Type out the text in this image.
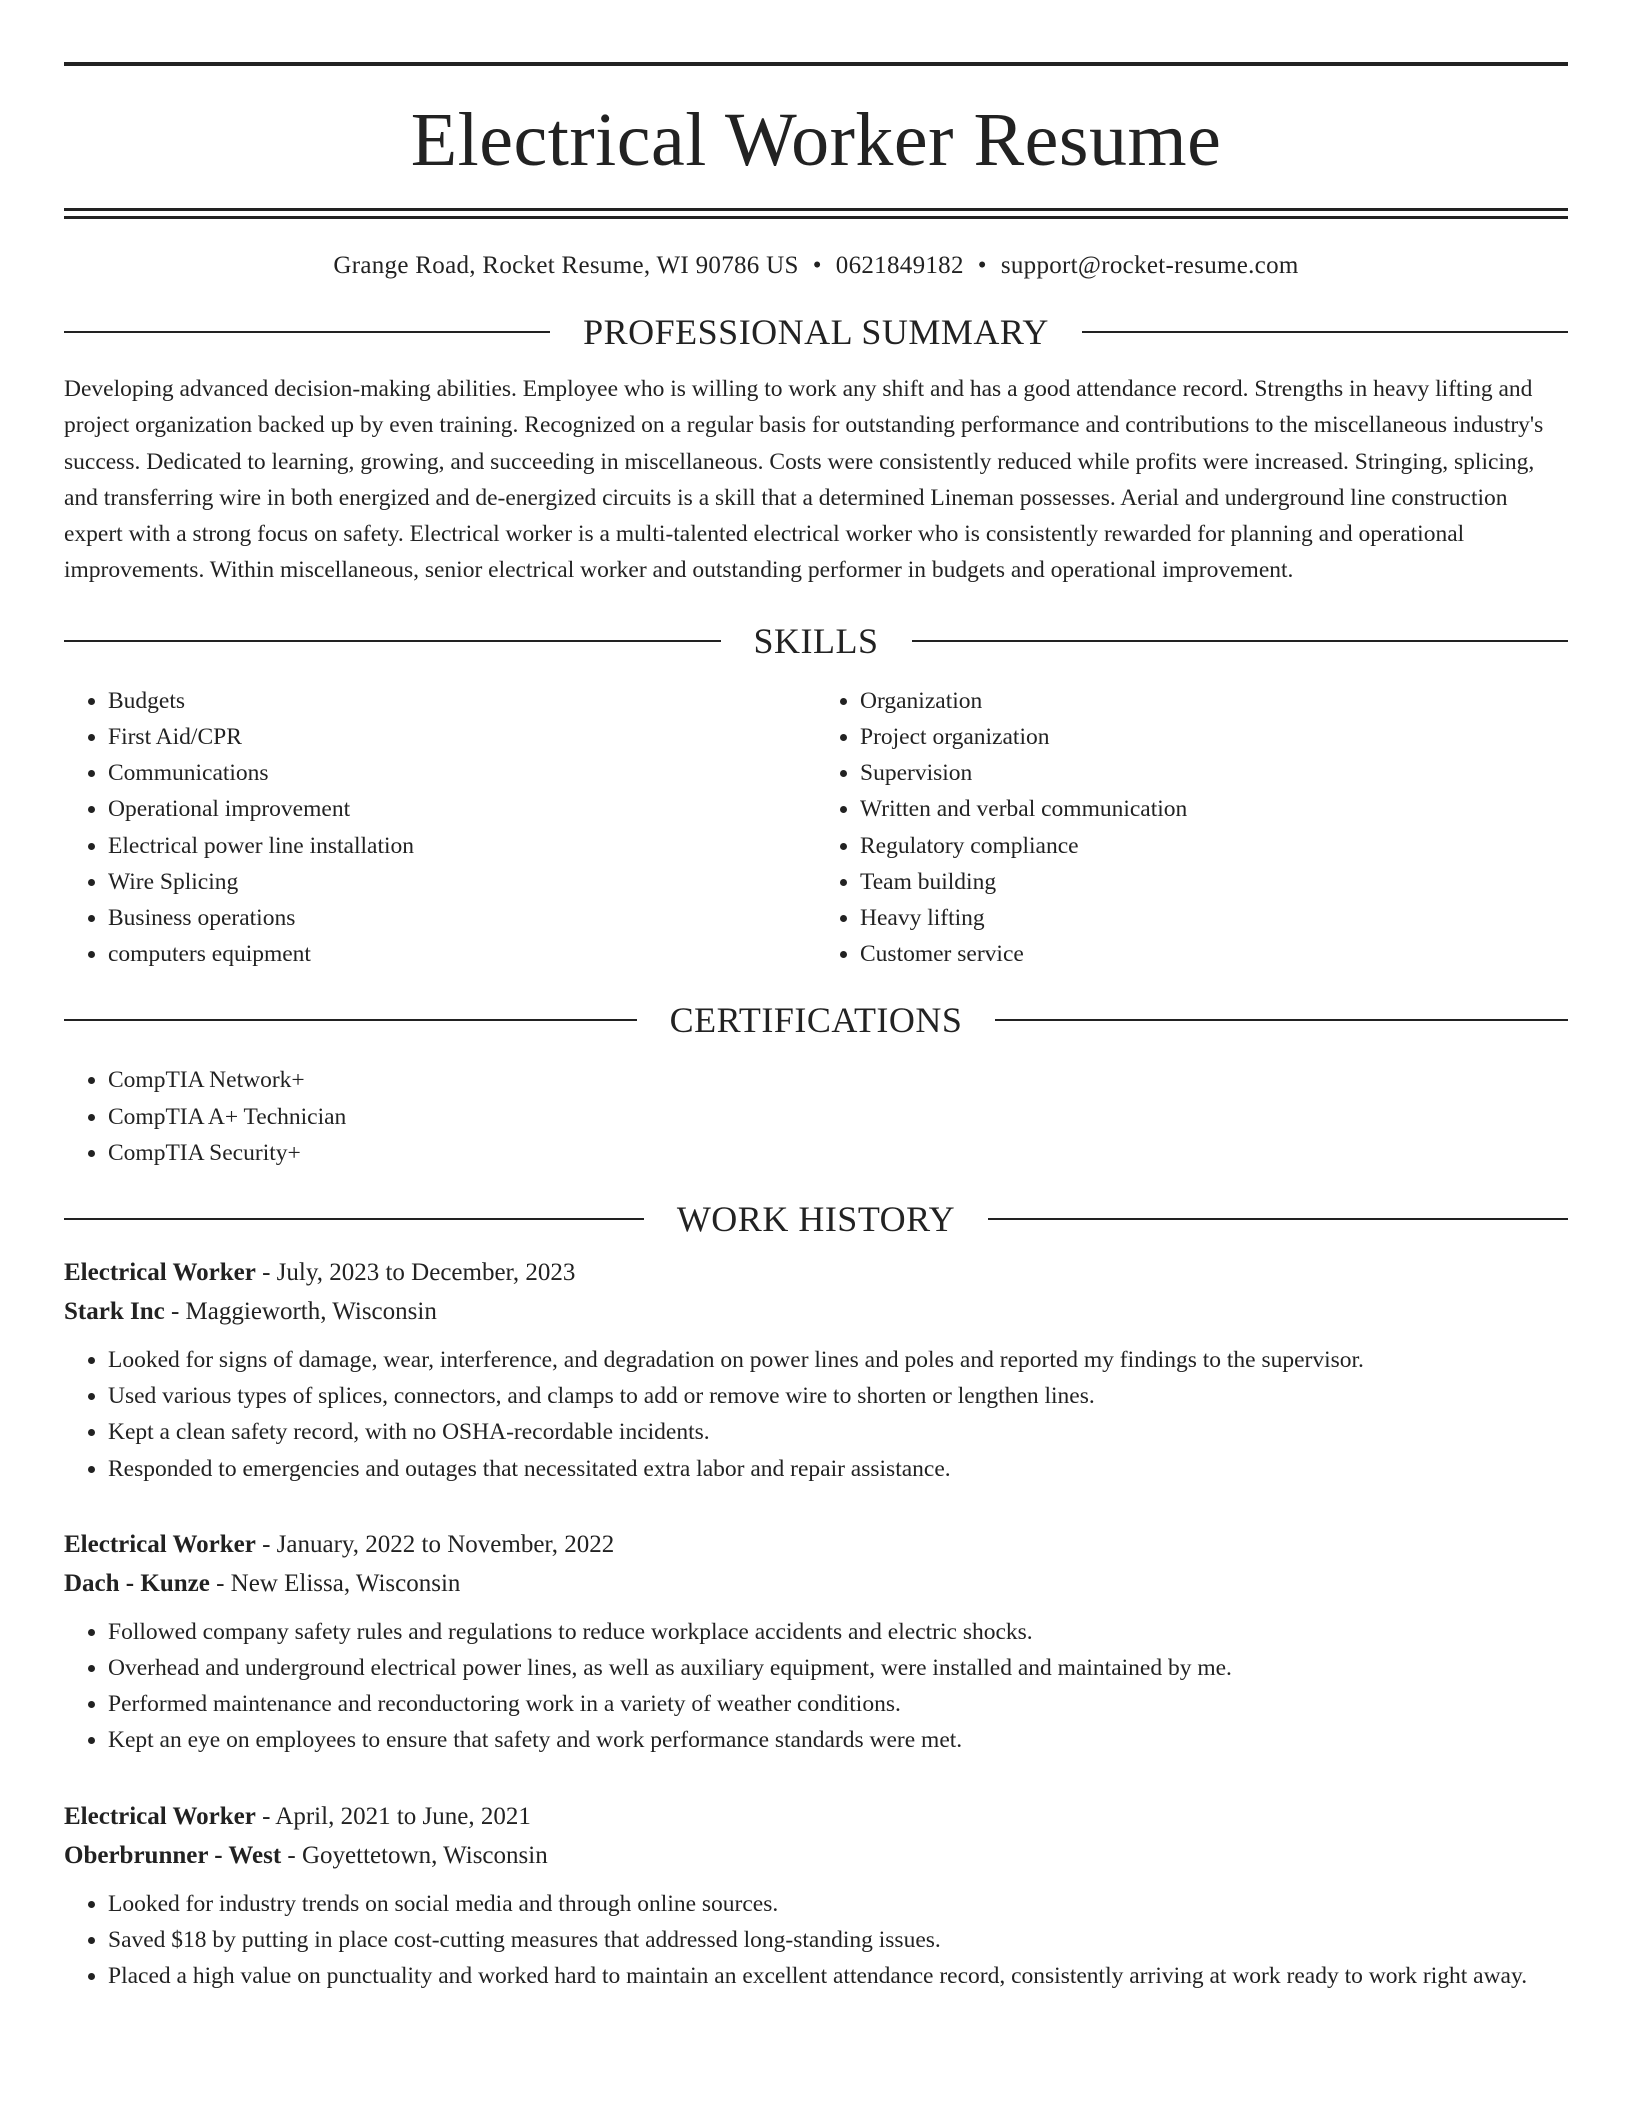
Electrical Worker Resume
Grange Road, Rocket Resume, WI 90786 US • 0621849182 • support@rocket-resume.com
PROFESSIONAL SUMMARY

Developing advanced decision-making abilities. Employee who is willing to work any shift and has a good attendance record. Strengths in heavy lifting and project organization backed up by even training. Recognized on a regular basis for outstanding performance and contributions to the miscellaneous industry's success. Dedicated to learning, growing, and succeeding in miscellaneous. Costs were consistently reduced while profits were increased. Stringing, splicing, and transferring wire in both energized and de-energized circuits is a skill that a determined Lineman possesses. Aerial and underground line construction expert with a strong focus on safety. Electrical worker is a multi-talented electrical worker who is consistently rewarded for planning and operational improvements. Within miscellaneous, senior electrical worker and outstanding performer in budgets and operational improvement.

SKILLS
• Budgets
• First Aid/CPR
• Communications
• Operational improvement
• Electrical power line installation
• Wire Splicing
• Business operations
• computers equipment
• Organization
• Project organization
• Supervision
• Written and verbal communication
• Regulatory compliance
• Team building
• Heavy lifting
• Customer service
CERTIFICATIONS
• CompTIA Network+
• CompTIA A+ Technician
• CompTIA Security+
WORK HISTORY
Electrical Worker - July, 2023 to December, 2023
Stark Inc - Maggieworth, Wisconsin
• Looked for signs of damage, wear, interference, and degradation on power lines and poles and reported my findings to the supervisor.
• Used various types of splices, connectors, and clamps to add or remove wire to shorten or lengthen lines.
• Kept a clean safety record, with no OSHA-recordable incidents.
• Responded to emergencies and outages that necessitated extra labor and repair assistance.
Electrical Worker - January, 2022 to November, 2022
Dach - Kunze - New Elissa, Wisconsin
• Followed company safety rules and regulations to reduce workplace accidents and electric shocks.
• Overhead and underground electrical power lines, as well as auxiliary equipment, were installed and maintained by me.
• Performed maintenance and reconductoring work in a variety of weather conditions.
• Kept an eye on employees to ensure that safety and work performance standards were met.
Electrical Worker - April, 2021 to June, 2021
Oberbrunner - West - Goyettetown, Wisconsin
• Looked for industry trends on social media and through online sources.
• Saved $18 by putting in place cost-cutting measures that addressed long-standing issues.
• Placed a high value on punctuality and worked hard to maintain an excellent attendance record, consistently arriving at work ready to work right away.
